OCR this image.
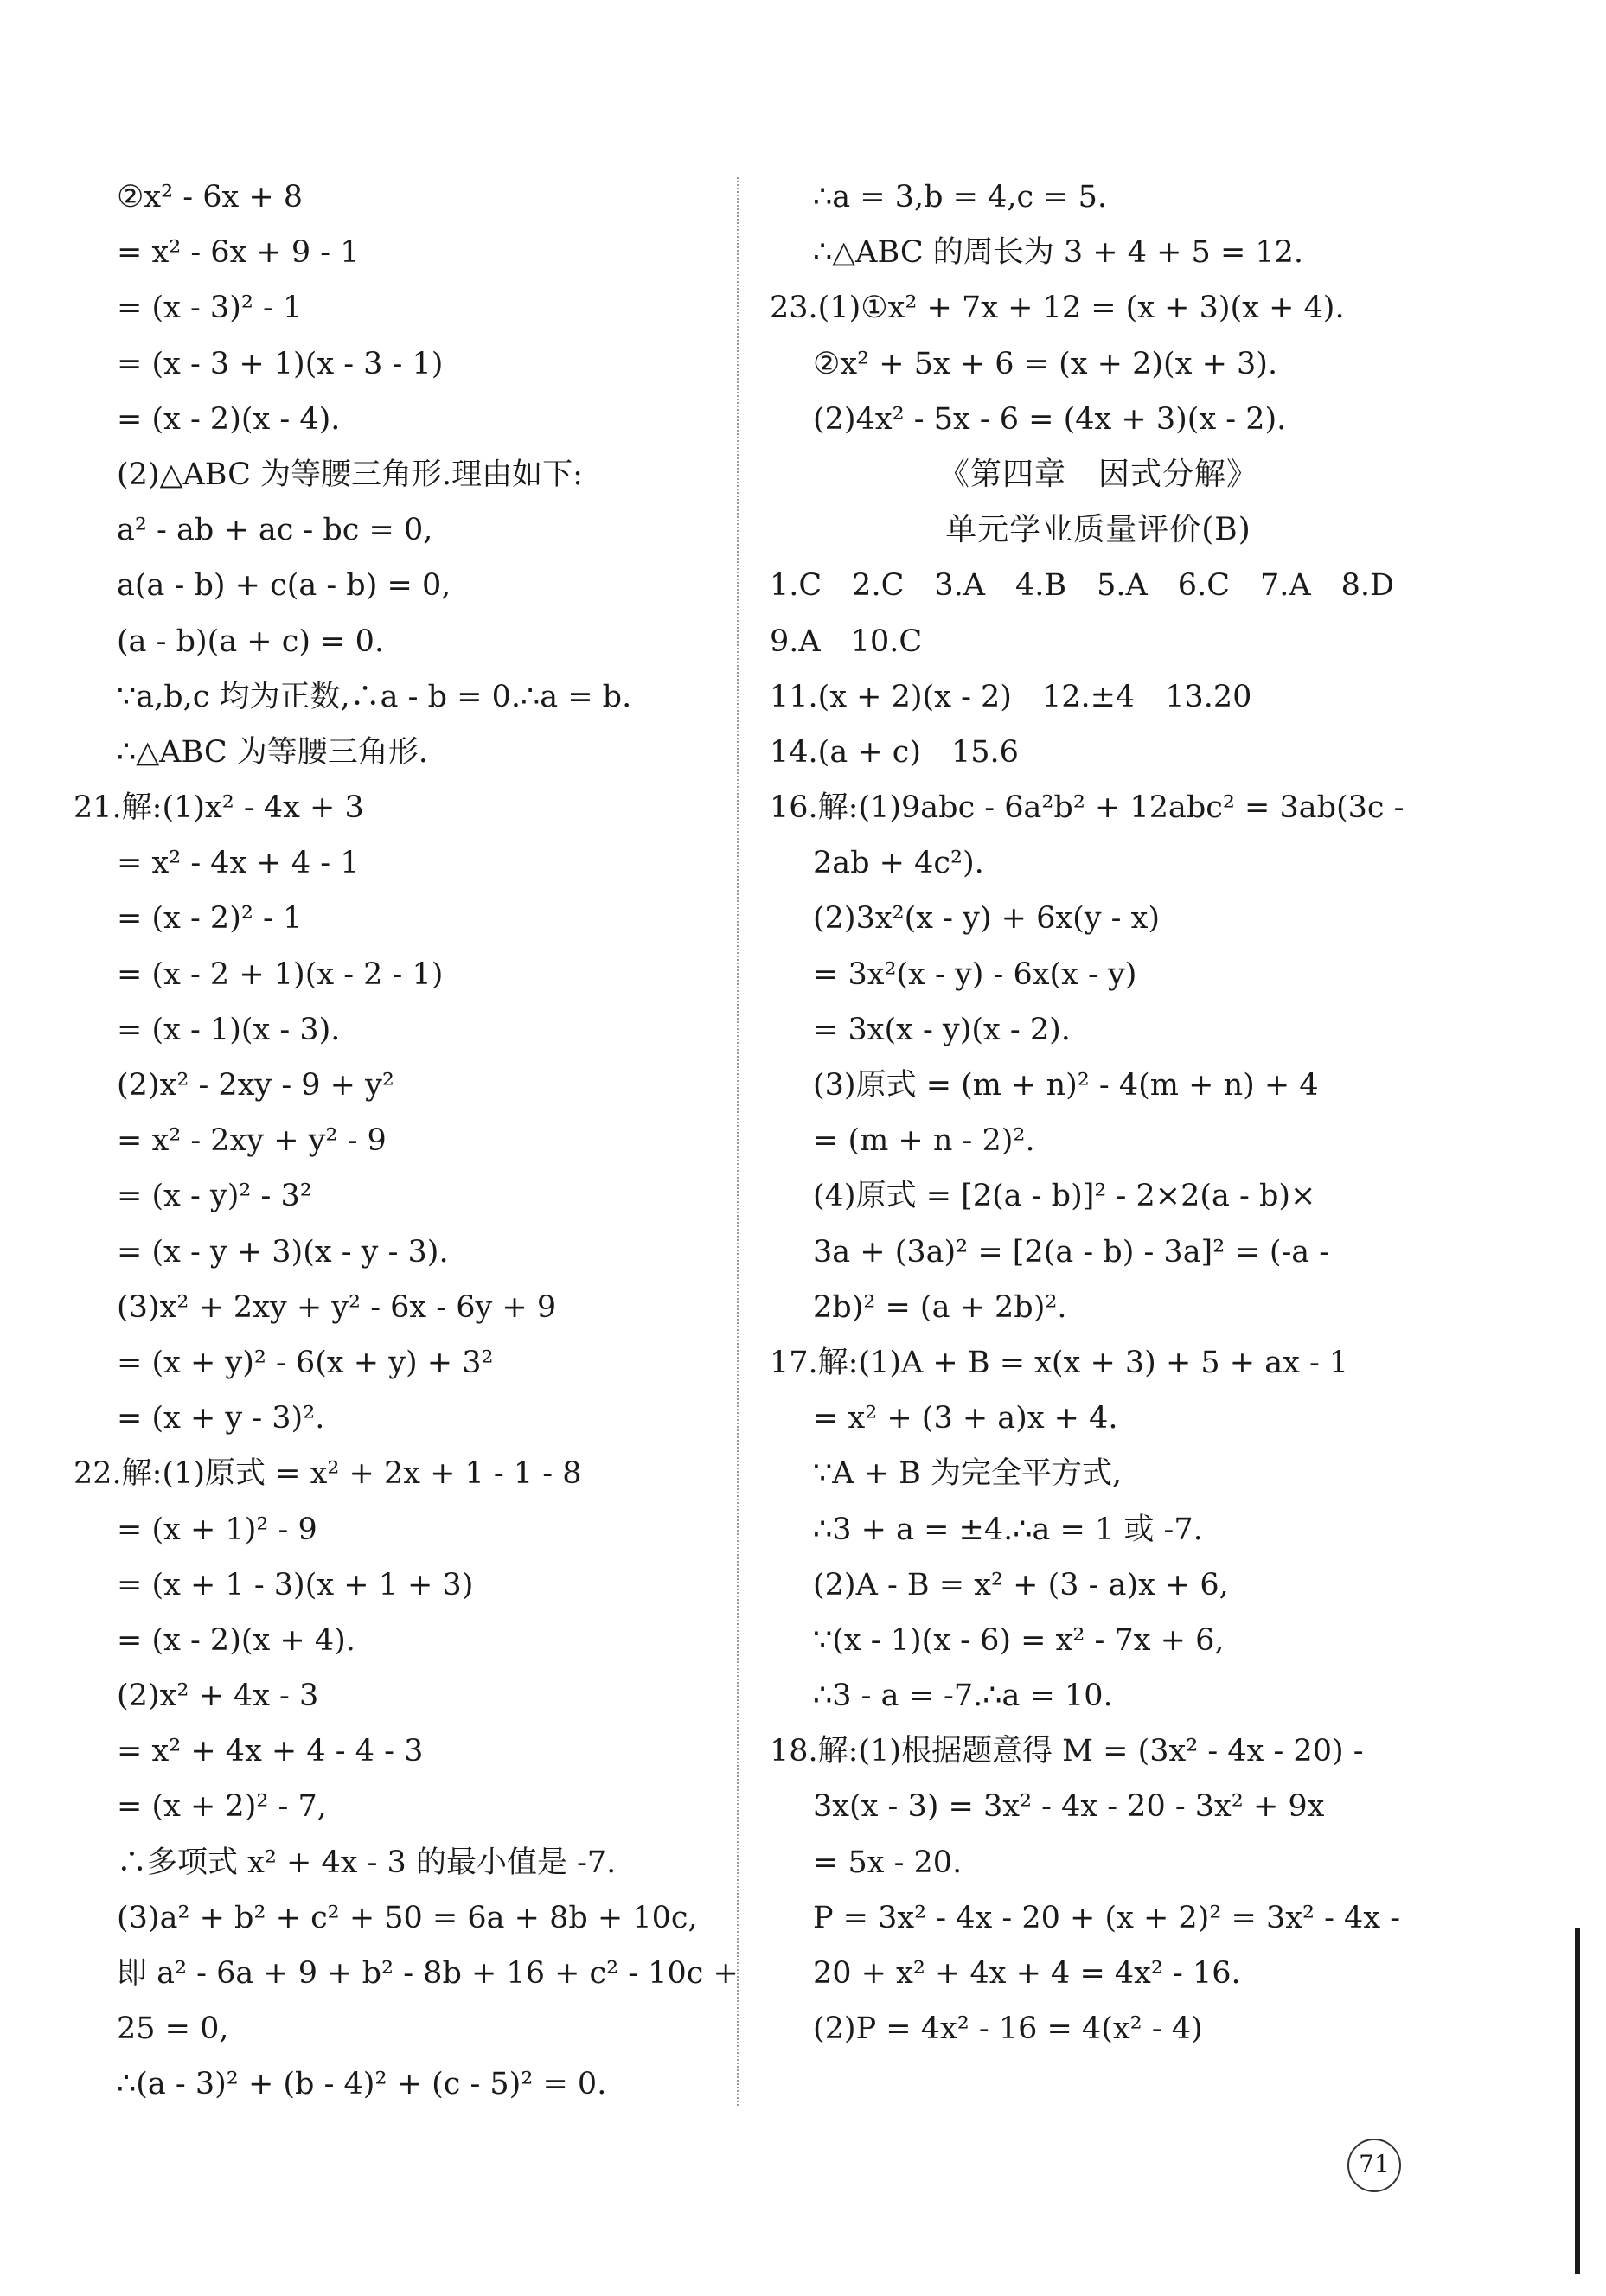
②x² - 6x + 8
= x² - 6x + 9 - 1
= (x - 3)² - 1
= (x - 3 + 1)(x - 3 - 1)
= (x - 2)(x - 4).
(2)△ABC 为等腰三角形.理由如下:
a² - ab + ac - bc = 0,
a(a - b) + c(a - b) = 0,
(a - b)(a + c) = 0.
∵a,b,c 均为正数,∴a - b = 0.∴a = b.
∴△ABC 为等腰三角形.
21.解:(1)x² - 4x + 3
= x² - 4x + 4 - 1
= (x - 2)² - 1
= (x - 2 + 1)(x - 2 - 1)
= (x - 1)(x - 3).
(2)x² - 2xy - 9 + y²
= x² - 2xy + y² - 9
= (x - y)² - 3²
= (x - y + 3)(x - y - 3).
(3)x² + 2xy + y² - 6x - 6y + 9
= (x + y)² - 6(x + y) + 3²
= (x + y - 3)².
22.解:(1)原式 = x² + 2x + 1 - 1 - 8
= (x + 1)² - 9
= (x + 1 - 3)(x + 1 + 3)
= (x - 2)(x + 4).
(2)x² + 4x - 3
= x² + 4x + 4 - 4 - 3
= (x + 2)² - 7,
∴多项式 x² + 4x - 3 的最小值是 -7.
(3)a² + b² + c² + 50 = 6a + 8b + 10c,
即 a² - 6a + 9 + b² - 8b + 16 + c² - 10c +
25 = 0,
∴(a - 3)² + (b - 4)² + (c - 5)² = 0.
∴a = 3,b = 4,c = 5.
∴△ABC 的周长为 3 + 4 + 5 = 12.
23.(1)①x² + 7x + 12 = (x + 3)(x + 4).
②x² + 5x + 6 = (x + 2)(x + 3).
(2)4x² - 5x - 6 = (4x + 3)(x - 2).
《第四章　因式分解》
单元学业质量评价(B)
1.C　2.C　3.A　4.B　5.A　6.C　7.A　8.D
9.A　10.C
11.(x + 2)(x - 2)　12.±4　13.20
14.(a + c)　15.6
16.解:(1)9abc - 6a²b² + 12abc² = 3ab(3c -
2ab + 4c²).
(2)3x²(x - y) + 6x(y - x)
= 3x²(x - y) - 6x(x - y)
= 3x(x - y)(x - 2).
(3)原式 = (m + n)² - 4(m + n) + 4
= (m + n - 2)².
(4)原式 = [2(a - b)]² - 2×2(a - b)×
3a + (3a)² = [2(a - b) - 3a]² = (-a -
2b)² = (a + 2b)².
17.解:(1)A + B = x(x + 3) + 5 + ax - 1
= x² + (3 + a)x + 4.
∵A + B 为完全平方式,
∴3 + a = ±4.∴a = 1 或 -7.
(2)A - B = x² + (3 - a)x + 6,
∵(x - 1)(x - 6) = x² - 7x + 6,
∴3 - a = -7.∴a = 10.
18.解:(1)根据题意得 M = (3x² - 4x - 20) -
3x(x - 3) = 3x² - 4x - 20 - 3x² + 9x
= 5x - 20.
P = 3x² - 4x - 20 + (x + 2)² = 3x² - 4x -
20 + x² + 4x + 4 = 4x² - 16.
(2)P = 4x² - 16 = 4(x² - 4)
71
